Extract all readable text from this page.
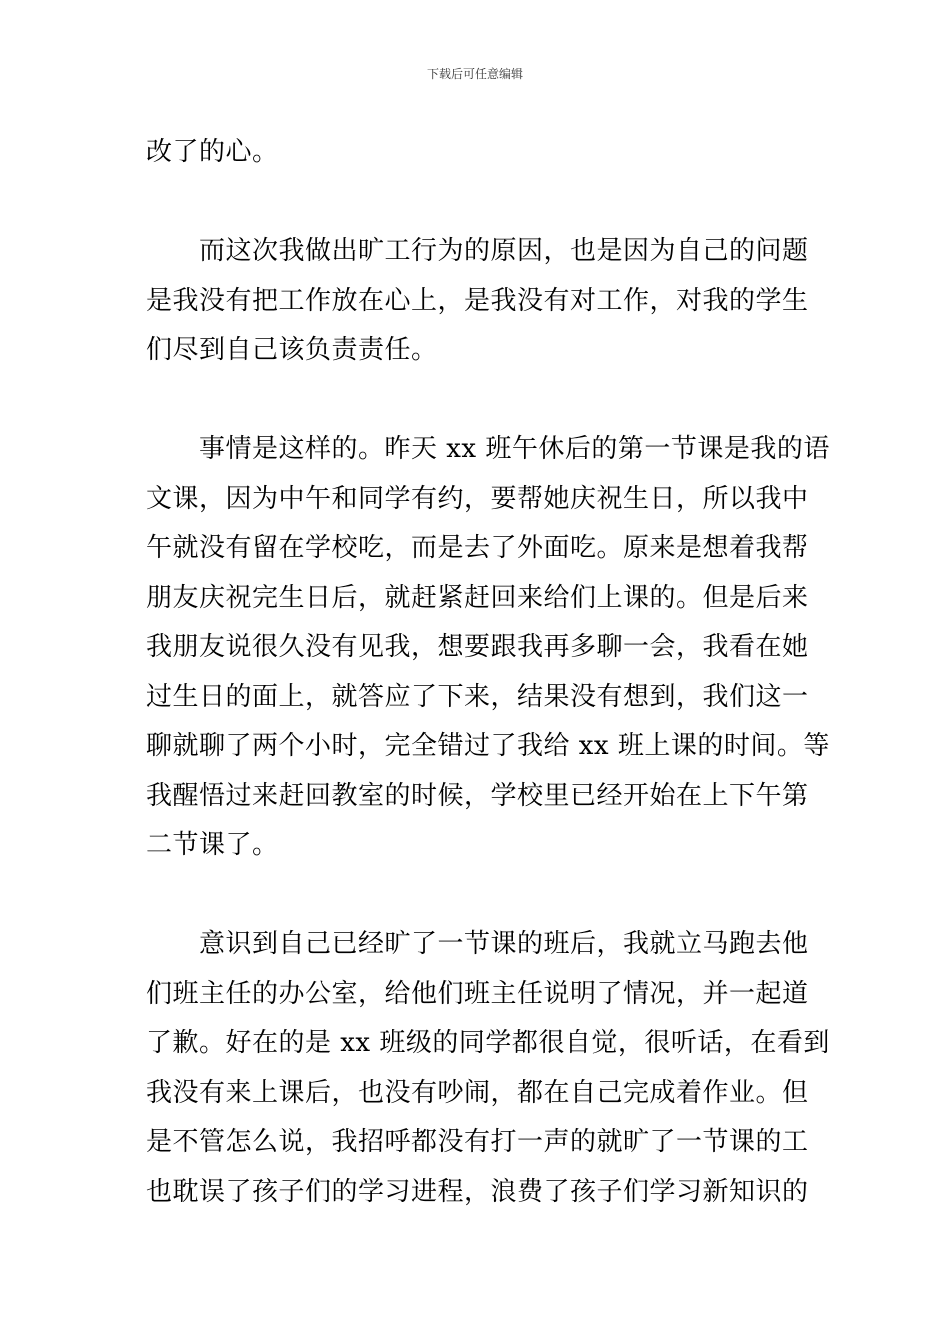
下载后可任意编辑
改了的心。
　　而这次我做出旷工行为的原因，也是因为自己的问题
是我没有把工作放在心上，是我没有对工作，对我的学生
们尽到自己该负责责任。
　　事情是这样的。昨天 xx 班午休后的第一节课是我的语
文课，因为中午和同学有约，要帮她庆祝生日，所以我中
午就没有留在学校吃，而是去了外面吃。原来是想着我帮
朋友庆祝完生日后，就赶紧赶回来给们上课的。但是后来
我朋友说很久没有见我，想要跟我再多聊一会，我看在她
过生日的面上，就答应了下来，结果没有想到，我们这一
聊就聊了两个小时，完全错过了我给 xx 班上课的时间。等
我醒悟过来赶回教室的时候，学校里已经开始在上下午第
二节课了。
　　意识到自己已经旷了一节课的班后，我就立马跑去他
们班主任的办公室，给他们班主任说明了情况，并一起道
了歉。好在的是 xx 班级的同学都很自觉，很听话，在看到
我没有来上课后，也没有吵闹，都在自己完成着作业。但
是不管怎么说，我招呼都没有打一声的就旷了一节课的工
也耽误了孩子们的学习进程，浪费了孩子们学习新知识的
